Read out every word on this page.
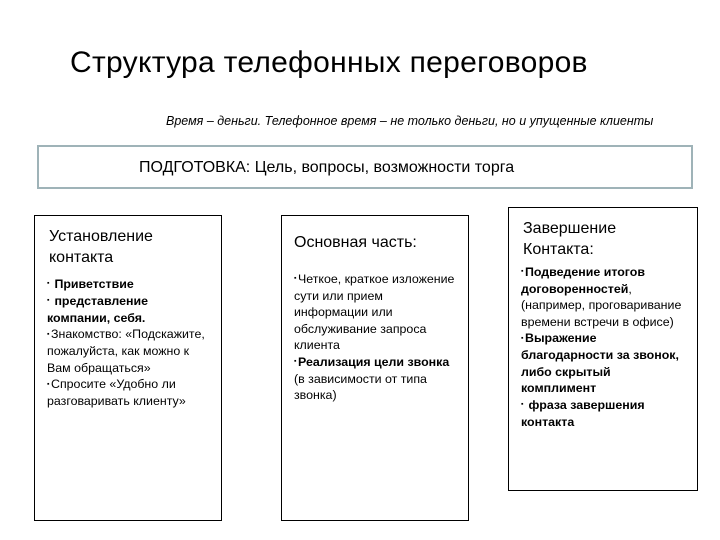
Структура телефонных переговоров
Время – деньги. Телефонное время – не только деньги, но и упущенные клиенты
ПОДГОТОВКА: Цель, вопросы, возможности торга
Установление контакта
▪ Приветствие
▪ представление компании, себя.
▪ Знакомство: «Подскажите, пожалуйста, как можно к Вам обращаться»
▪ Спросите «Удобно ли разговаривать клиенту»
Основная часть:
▪ Четкое, краткое изложение сути или прием информации или обслуживание запроса клиента
▪ Реализация цели звонка (в зависимости от типа звонка)
Завершение Контакта:
▪ Подведение итогов договоренностей, (например, проговаривание времени встречи в офисе)
▪ Выражение благодарности за звонок, либо скрытый комплимент
▪ фраза завершения контакта
